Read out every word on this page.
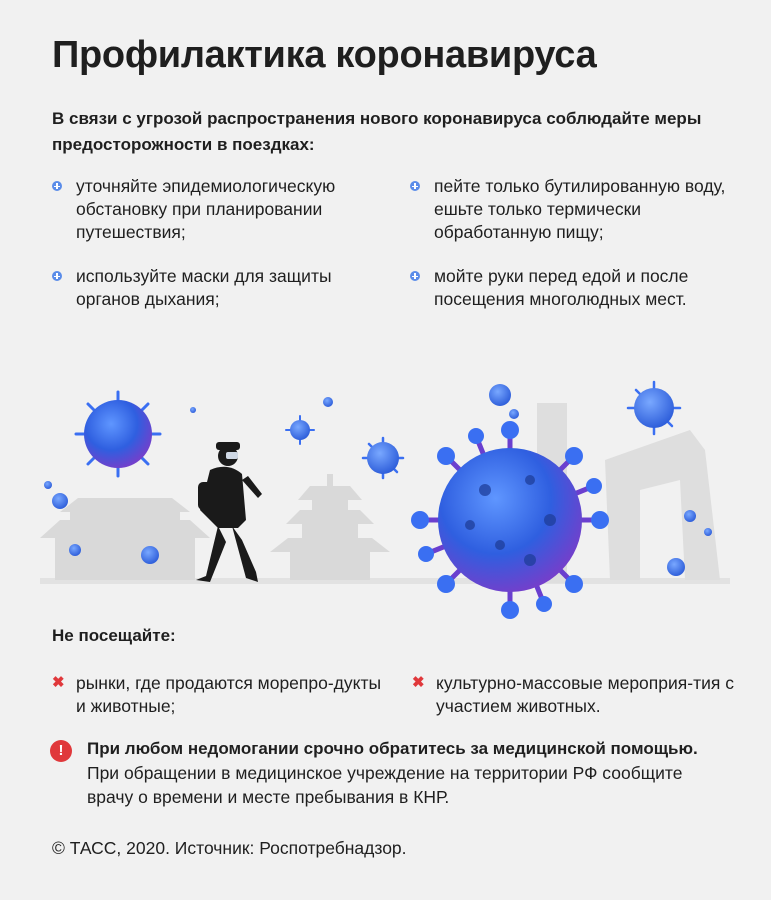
Профилактика коронавируса
В связи с угрозой распространения нового коронавируса соблюдайте меры предосторожности в поездках:
уточняйте эпидемиологическую обстановку при планировании путешествия;
используйте маски для защиты органов дыхания;
пейте только бутилированную воду, ешьте только термически обработанную пищу;
мойте руки перед едой и после посещения многолюдных мест.
Не посещайте:
✖ рынки, где продаются морепро-дукты и животные;
✖ культурно-массовые мероприя-тия с участием животных.
!	При любом недомогании срочно обратитесь за медицинской помощью.
При обращении в медицинское учреждение на территории РФ сообщите врачу о времени и месте пребывания в КНР.
© ТАСС, 2020. Источник: Роспотребнадзор.
